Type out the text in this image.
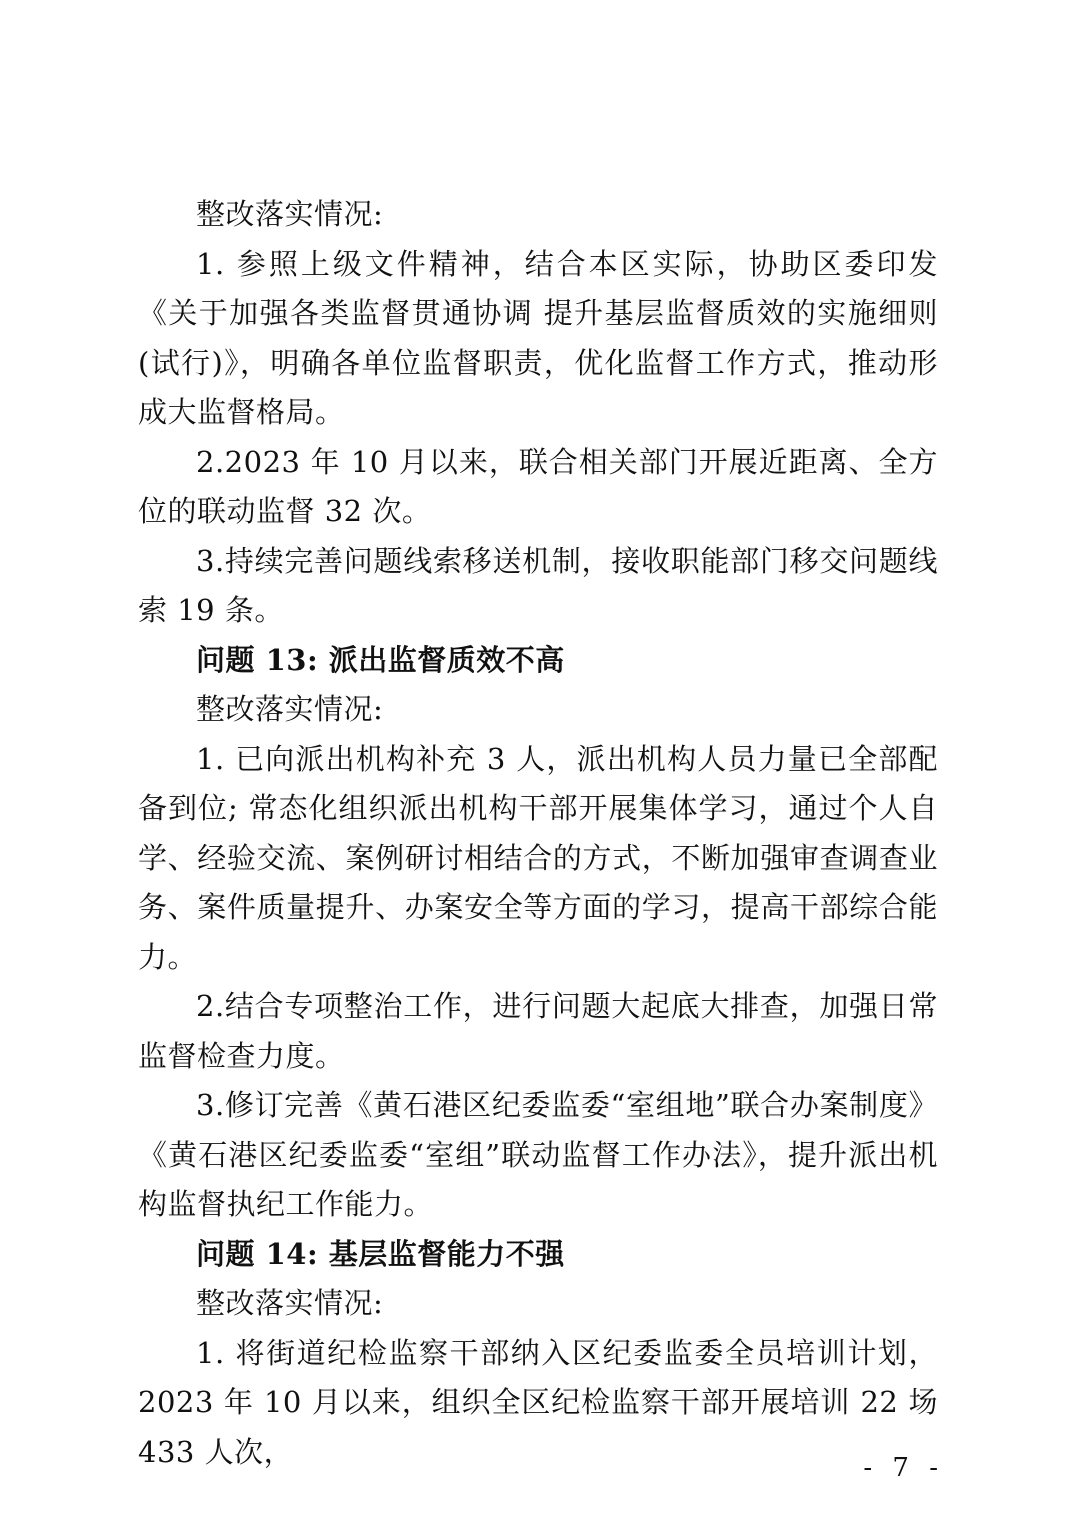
整改落实情况:

1. 参照上级文件精神，结合本区实际，协助区委印发《关于加强各类监督贯通协调 提升基层监督质效的实施细则(试行)》，明确各单位监督职责，优化监督工作方式，推动形成大监督格局。

2.2023 年 10 月以来，联合相关部门开展近距离、全方位的联动监督 32 次。

3.持续完善问题线索移送机制，接收职能部门移交问题线索 19 条。

问题 13: 派出监督质效不高

整改落实情况:

1. 已向派出机构补充 3 人，派出机构人员力量已全部配备到位; 常态化组织派出机构干部开展集体学习，通过个人自学、经验交流、案例研讨相结合的方式，不断加强审查调查业务、案件质量提升、办案安全等方面的学习，提高干部综合能力。

2.结合专项整治工作，进行问题大起底大排查，加强日常监督检查力度。

3.修订完善《黄石港区纪委监委“室组地”联合办案制度》《黄石港区纪委监委“室组”联动监督工作办法》，提升派出机构监督执纪工作能力。

问题 14: 基层监督能力不强

整改落实情况:

1. 将街道纪检监察干部纳入区纪委监委全员培训计划，2023 年 10 月以来，组织全区纪检监察干部开展培训 22 场 433 人次，	- 7 -
